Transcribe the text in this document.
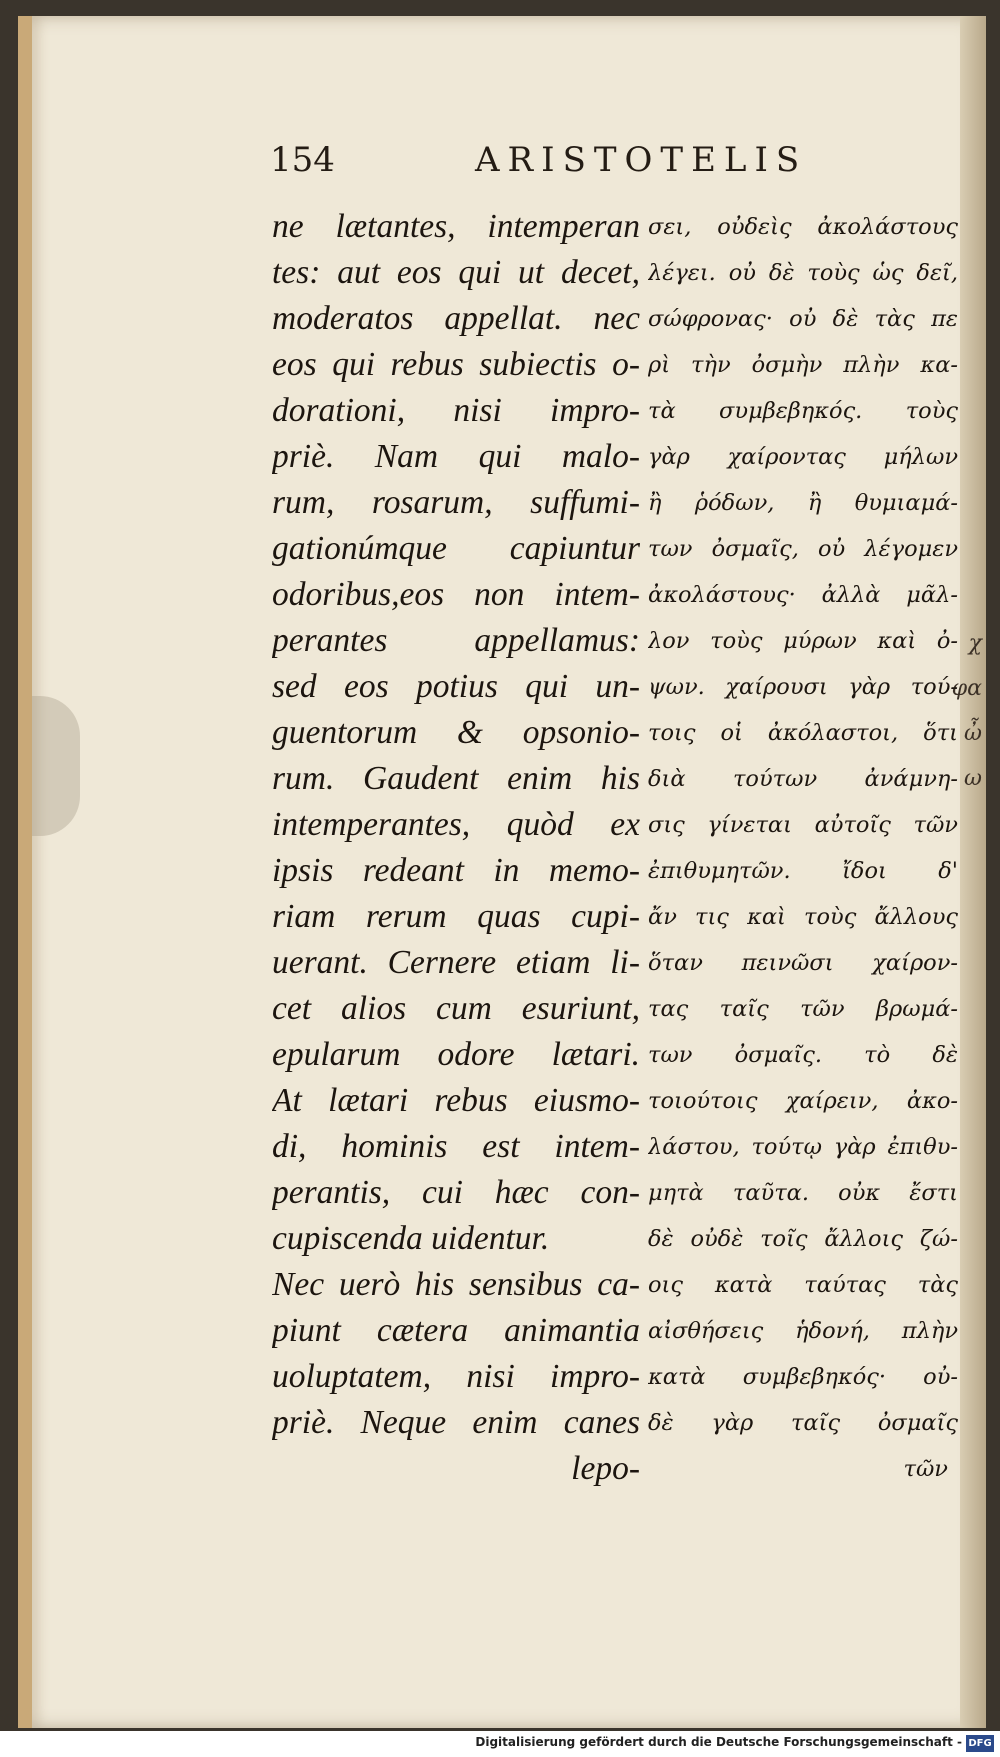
χ
φα
ὦ
ω
154	ARISTOTELIS
ne lætantes, intemperan
tes: aut eos qui ut decet,
moderatos appellat. nec
eos qui rebus subiectis o-
dorationi, nisi impro-
priè. Nam qui malo-
rum, rosarum, suffumi-
gationúmque capiuntur
odoribus,eos non intem-
perantes appellamus:
sed eos potius qui un-
guentorum & opsonio-
rum. Gaudent enim his
intemperantes, quòd ex
ipsis redeant in memo-
riam rerum quas cupi-
uerant. Cernere etiam li-
cet alios cum esuriunt,
epularum odore lætari.
At lætari rebus eiusmo-
di, hominis est intem-
perantis, cui hæc con-
cupiscenda uidentur.
Nec uerò his sensibus ca-
piunt cætera animantia
uoluptatem, nisi impro-
priè. Neque enim canes
lepo-
σει, οὐδεὶς ἀκολάστους
λέγει. οὐ δὲ τοὺς ὡς δεῖ,
σώφρονας· οὐ δὲ τὰς πε
ρὶ τὴν ὀσμὴν πλὴν κα-
τὰ συμβεβηκός. τοὺς
γὰρ χαίροντας μήλων
ἢ ῥόδων, ἢ θυμιαμά-
των ὀσμαῖς, οὐ λέγομεν
ἀκολάστους· ἀλλὰ μᾶλ-
λον τοὺς μύρων καὶ ὀ-
ψων. χαίρουσι γὰρ τού-
τοις οἱ ἀκόλαστοι, ὅτι
διὰ τούτων ἀνάμνη-
σις γίνεται αὐτοῖς τῶν
ἐπιθυμητῶν. ἴδοι δ'
ἄν τις καὶ τοὺς ἄλλους
ὅταν πεινῶσι χαίρον-
τας ταῖς τῶν βρωμά-
των ὀσμαῖς. τὸ δὲ
τοιούτοις χαίρειν, ἀκο-
λάστου, τούτῳ γὰρ ἐπιθυ-
μητὰ ταῦτα. οὐκ ἔστι
δὲ οὐδὲ τοῖς ἄλλοις ζώ-
οις κατὰ ταύτας τὰς
αἰσθήσεις ἡδονή, πλὴν
κατὰ συμβεβηκός· οὐ-
δὲ γὰρ ταῖς ὀσμαῖς
τῶν
Digitalisierung gefördert durch die Deutsche Forschungsgemeinschaft - DFG
